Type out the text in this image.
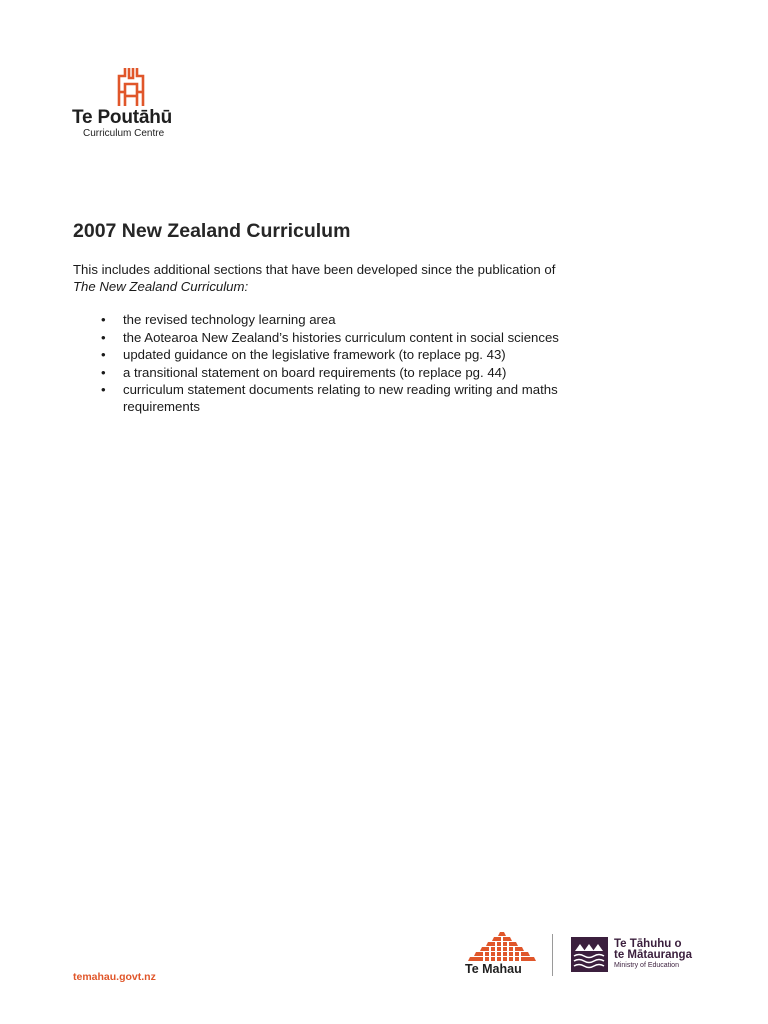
Te Poutāhū
Curriculum Centre
2007 New Zealand Curriculum

This includes additional sections that have been developed since the publication of
The New Zealand Curriculum:

• the revised technology learning area
• the Aotearoa New Zealand’s histories curriculum content in social sciences
• updated guidance on the legislative framework (to replace pg. 43)
• a transitional statement on board requirements (to replace pg. 44)
• curriculum statement documents relating to new reading writing and maths requirements
temahau.govt.nz
Te Mahau
Te Tāhuhu o
te Mātauranga
Ministry of Education
